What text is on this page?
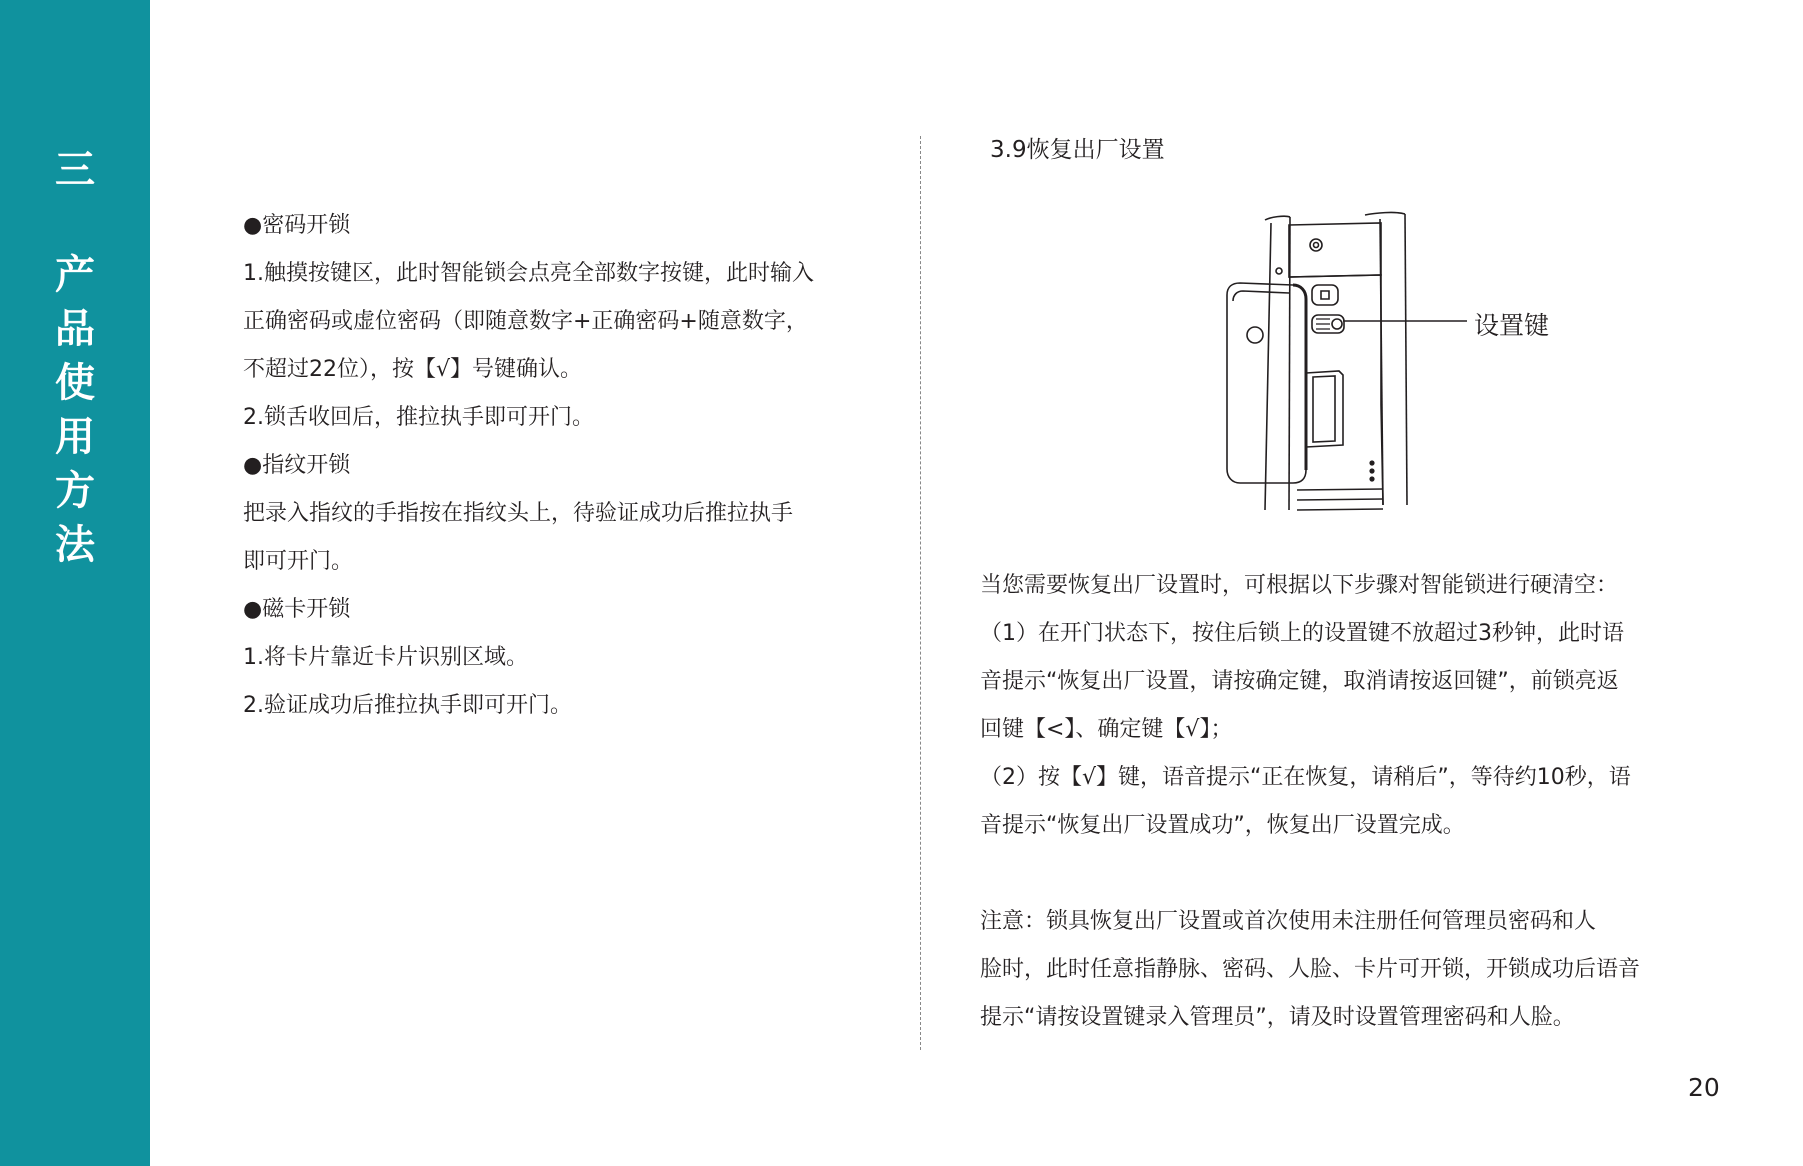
三
产
品
使
用
方
法

●密码开锁

1.触摸按键区，此时智能锁会点亮全部数字按键，此时输入

正确密码或虚位密码（即随意数字+正确密码+随意数字，

不超过22位），按【√】号键确认。

2.锁舌收回后，推拉执手即可开门。

●指纹开锁

把录入指纹的手指按在指纹头上，待验证成功后推拉执手

即可开门。

●磁卡开锁

1.将卡片靠近卡片识别区域。

2.验证成功后推拉执手即可开门。

3.9恢复出厂设置
设置键

当您需要恢复出厂设置时，可根据以下步骤对智能锁进行硬清空：

（1）在开门状态下，按住后锁上的设置键不放超过3秒钟，此时语

音提示“恢复出厂设置，请按确定键，取消请按返回键”，前锁亮返

回键【<】、确定键【√】；

（2）按【√】键，语音提示“正在恢复，请稍后”，等待约10秒，语

音提示“恢复出厂设置成功”，恢复出厂设置完成。

注意：锁具恢复出厂设置或首次使用未注册任何管理员密码和人

脸时，此时任意指静脉、密码、人脸、卡片可开锁，开锁成功后语音

提示“请按设置键录入管理员”，请及时设置管理密码和人脸。

20
